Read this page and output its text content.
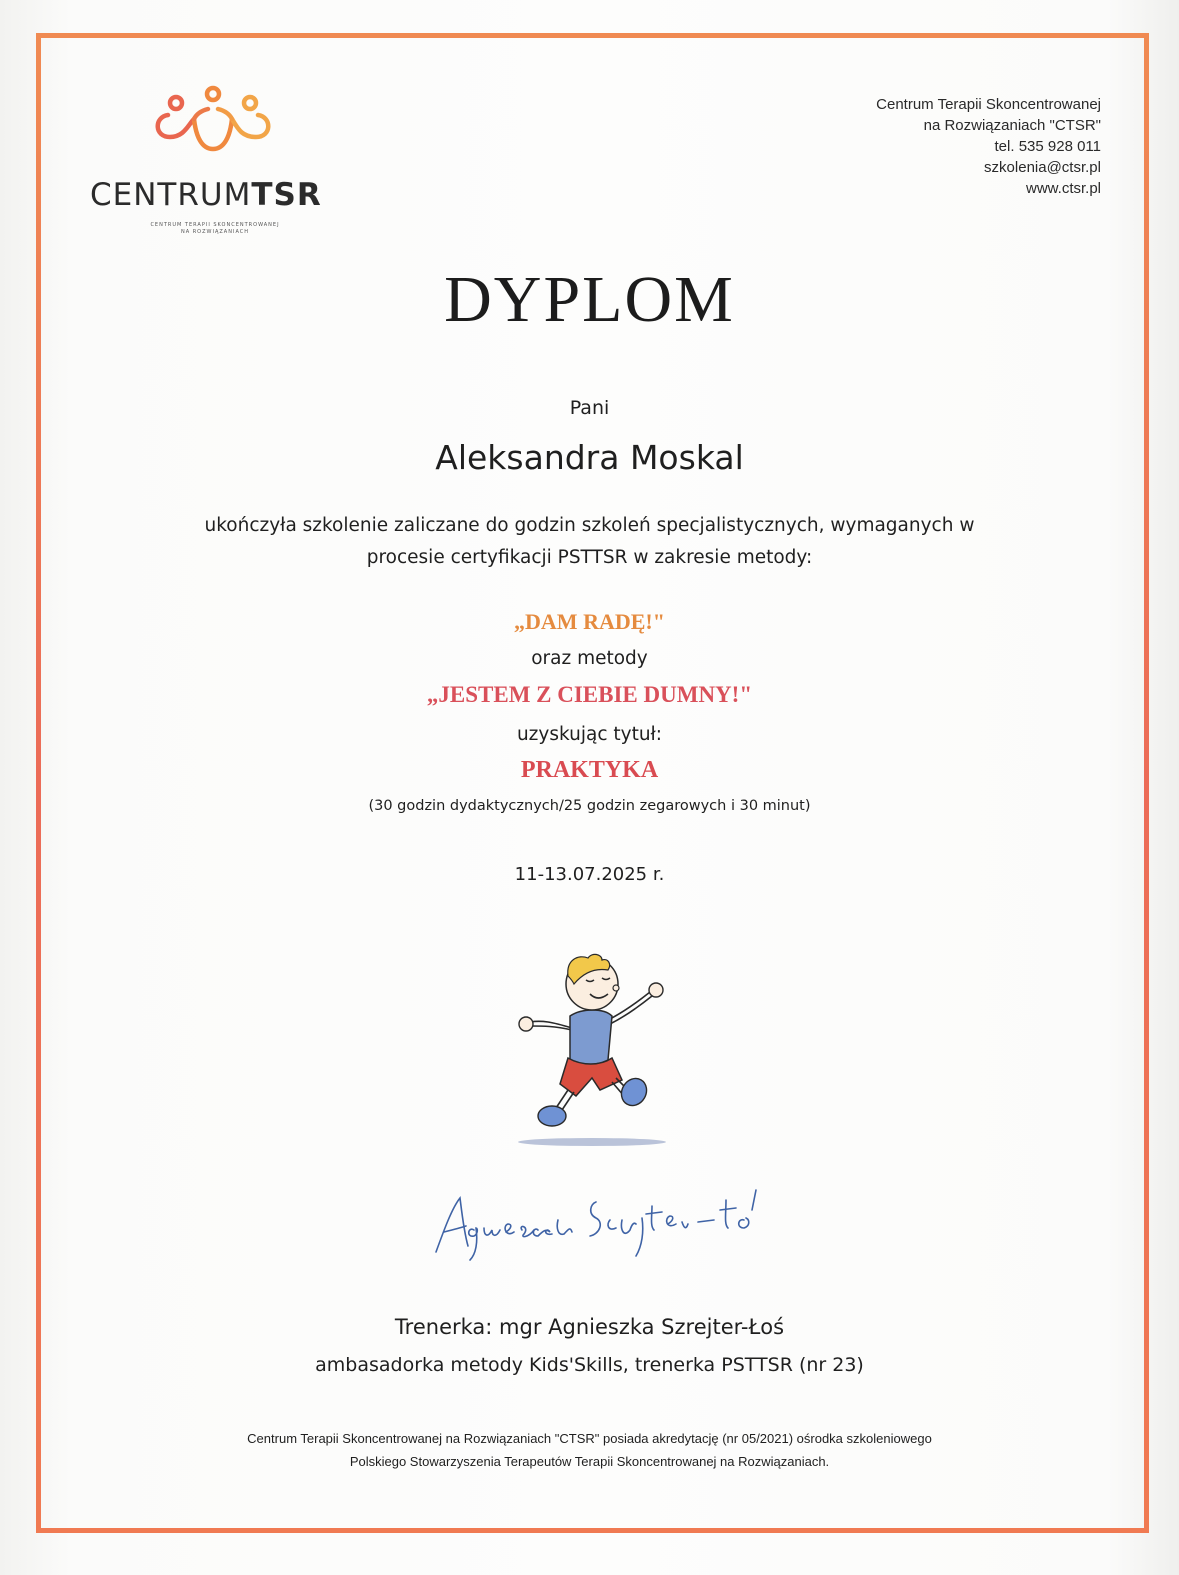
CENTRUMTSR
CENTRUM TERAPII SKONCENTROWANEJ
NA ROZWIĄZANIACH
Centrum Terapii Skoncentrowanej
na Rozwiązaniach "CTSR"
tel. 535 928 011
szkolenia@ctsr.pl
www.ctsr.pl
DYPLOM
Pani
Aleksandra Moskal
ukończyła szkolenie zaliczane do godzin szkoleń specjalistycznych, wymaganych w
procesie certyfikacji PSTTSR w zakresie metody:
„DAM RADĘ!"
oraz metody
„JESTEM Z CIEBIE DUMNY!"
uzyskując tytuł:
PRAKTYKA
(30 godzin dydaktycznych/25 godzin zegarowych i 30 minut)
11-13.07.2025 r.
Trenerka: mgr Agnieszka Szrejter-Łoś
ambasadorka metody Kids'Skills, trenerka PSTTSR (nr 23)
Centrum Terapii Skoncentrowanej na Rozwiązaniach "CTSR" posiada akredytację (nr 05/2021) ośrodka szkoleniowego
Polskiego Stowarzyszenia Terapeutów Terapii Skoncentrowanej na Rozwiązaniach.
